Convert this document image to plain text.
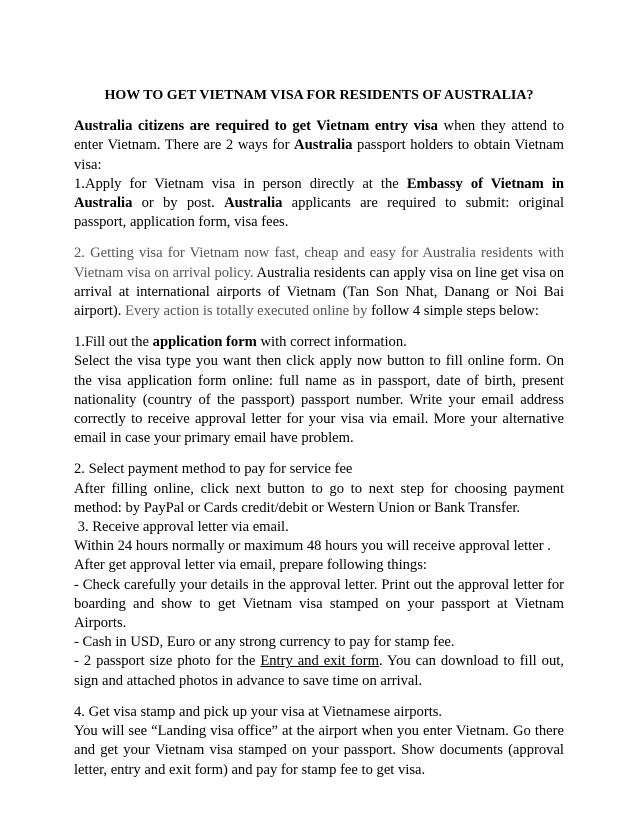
HOW TO GET VIETNAM VISA FOR RESIDENTS OF AUSTRALIA?

Australia citizens are required to get Vietnam entry visa when they attend to enter Vietnam. There are 2 ways for Australia passport holders to obtain Vietnam visa:

1.Apply for Vietnam visa in person directly at the Embassy of Vietnam in Australia or by post. Australia applicants are required to submit: original passport, application form, visa fees.

2. Getting visa for Vietnam now fast, cheap and easy for Australia residents with Vietnam visa on arrival policy. Australia residents can apply visa on line get visa on arrival at international airports of Vietnam (Tan Son Nhat, Danang or Noi Bai airport). Every action is totally executed online by follow 4 simple steps below:

1.Fill out the application form with correct information.

Select the visa type you want then click apply now button to fill online form. On the visa application form online: full name as in passport, date of birth, present nationality (country of the passport) passport number. Write your email address correctly to receive approval letter for your visa via email. More your alternative email in case your primary email have problem.

2. Select payment method to pay for service fee

After filling online, click next button to go to next step for choosing payment method: by PayPal or Cards credit/debit or Western Union or Bank Transfer.

3. Receive approval letter via email.

Within 24 hours normally or maximum 48 hours you will receive approval letter .

After get approval letter via email, prepare following things:

- Check carefully your details in the approval letter. Print out the approval letter for boarding and show to get Vietnam visa stamped on your passport at Vietnam Airports.

- Cash in USD, Euro or any strong currency to pay for stamp fee.

- 2 passport size photo for the Entry and exit form. You can download to fill out, sign and attached photos in advance to save time on arrival.

4. Get visa stamp and pick up your visa at Vietnamese airports.

You will see “Landing visa office” at the airport when you enter Vietnam. Go there and get your Vietnam visa stamped on your passport. Show documents (approval letter, entry and exit form) and pay for stamp fee to get visa.
